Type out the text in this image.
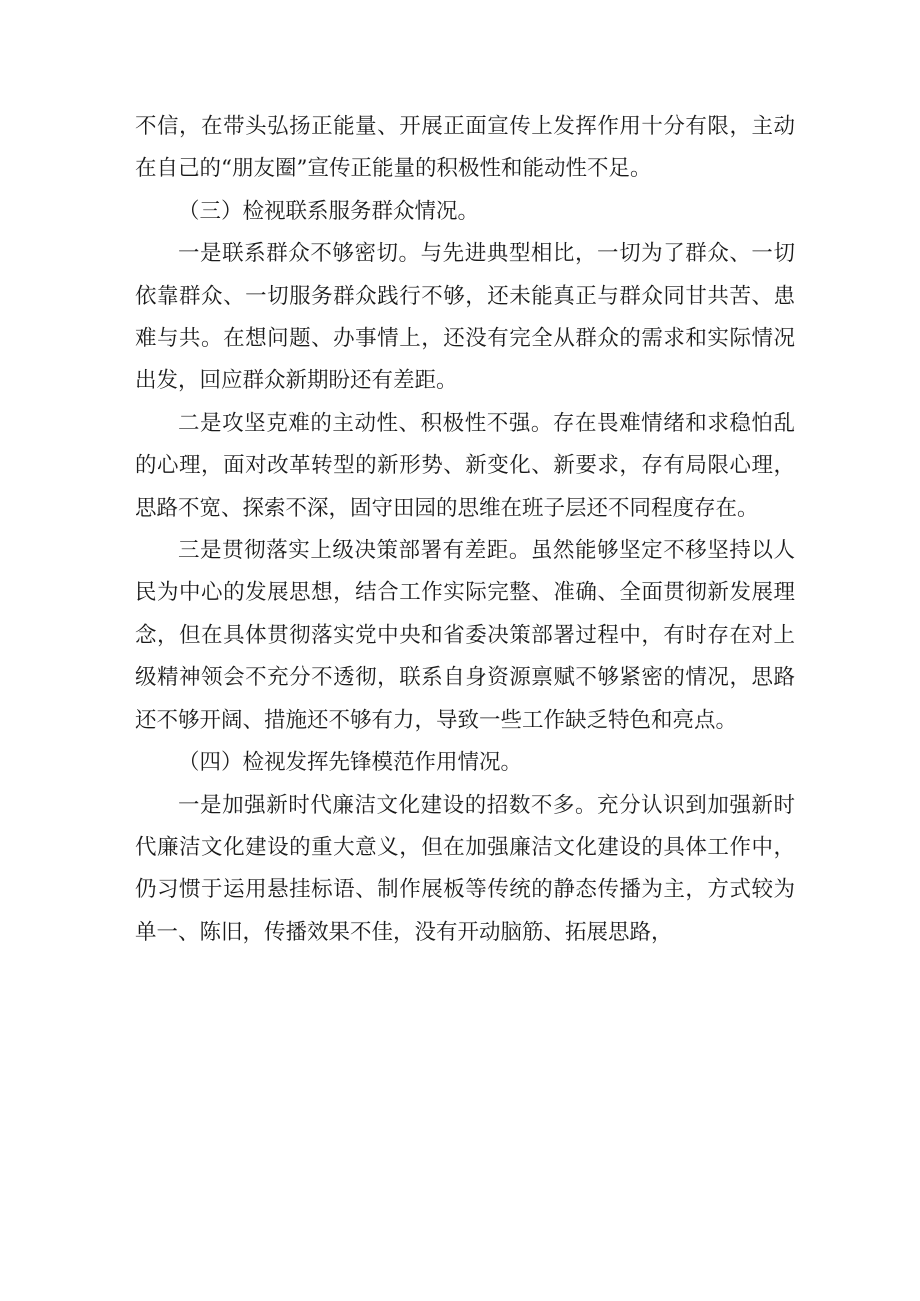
不信，在带头弘扬正能量、开展正面宣传上发挥作用十分有限，主动在自己的“朋友圈”宣传正能量的积极性和能动性不足。

（三）检视联系服务群众情况。

一是联系群众不够密切。与先进典型相比，一切为了群众、一切依靠群众、一切服务群众践行不够，还未能真正与群众同甘共苦、患难与共。在想问题、办事情上，还没有完全从群众的需求和实际情况出发，回应群众新期盼还有差距。

二是攻坚克难的主动性、积极性不强。存在畏难情绪和求稳怕乱的心理，面对改革转型的新形势、新变化、新要求，存有局限心理，思路不宽、探索不深，固守田园的思维在班子层还不同程度存在。

三是贯彻落实上级决策部署有差距。虽然能够坚定不移坚持以人民为中心的发展思想，结合工作实际完整、准确、全面贯彻新发展理念，但在具体贯彻落实党中央和省委决策部署过程中，有时存在对上级精神领会不充分不透彻，联系自身资源禀赋不够紧密的情况，思路还不够开阔、措施还不够有力，导致一些工作缺乏特色和亮点。

（四）检视发挥先锋模范作用情况。

一是加强新时代廉洁文化建设的招数不多。充分认识到加强新时代廉洁文化建设的重大意义，但在加强廉洁文化建设的具体工作中，仍习惯于运用悬挂标语、制作展板等传统的静态传播为主，方式较为单一、陈旧，传播效果不佳，没有开动脑筋、拓展思路，
